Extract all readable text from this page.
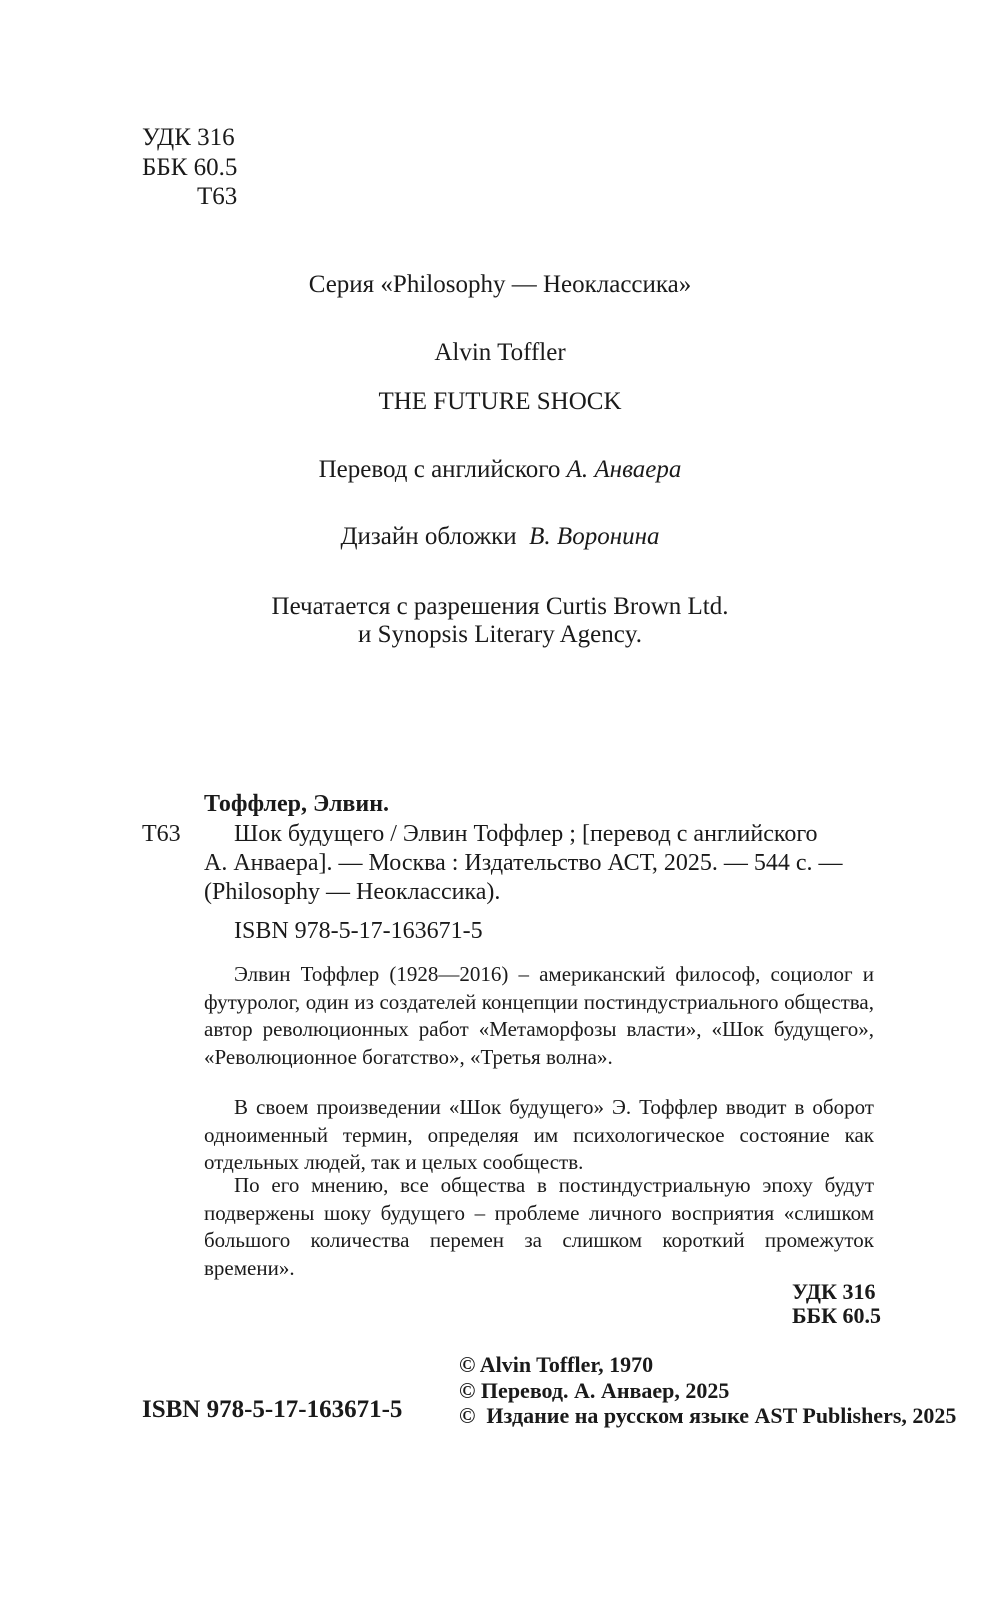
УДК 316
ББК 60.5
Т63
Серия «Philosophy — Неоклассика»
Alvin Toffler
THE FUTURE SHOCK
Перевод с английского А. Анваера
Дизайн обложки В. Воронина
Печатается с разрешения Curtis Brown Ltd.
и Synopsis Literary Agency.
Тоффлер, Элвин.
Т63 Шок будущего / Элвин Тоффлер ; [перевод с английского
А. Анваера]. — Москва : Издательство АСТ, 2025. — 544 с. —
(Philosophy — Неоклассика).
ISBN 978-5-17-163671-5
Элвин Тоффлер (1928—2016) – американский философ, социолог и футуролог, один из создателей концепции постиндустриального общества, автор революционных работ «Метаморфозы власти», «Шок будущего», «Революционное богатство», «Третья волна».
В своем произведении «Шок будущего» Э. Тоффлер вводит в оборот одноименный термин, определяя им психологическое состояние как отдельных людей, так и целых сообществ.
По его мнению, все общества в постиндустриальную эпоху будут подвержены шоку будущего – проблеме личного восприятия «слишком большого количества перемен за слишком короткий промежуток времени».
УДК 316
ББК 60.5
ISBN 978-5-17-163671-5
© Alvin Toffler, 1970
© Перевод. А. Анваер, 2025
©  Издание на русском языке AST Publishers, 2025
